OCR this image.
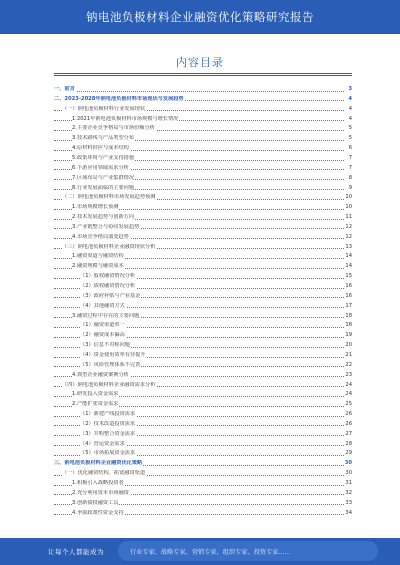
钠电池负极材料企业融资优化策略研究报告
内容目录
一、前言	3
二、2023-2028年钠电池负极材料市场现状与发展趋势	4
（一）钠电池负极材料行业发展现状	4
1.2021年钠电池负极材料市场规模与增长情况	4
2.主要企业竞争格局与市场份额分析	5
3.技术路线与产品类型分布	5
4.原材料供应与成本结构	6
5.政策环境与产业支持措施	7
6.下游应用领域需求分析	7
7.区域布局与产业集群情况	8
8.行业发展面临的主要问题	9
（二）钠电池负极材料市场发展趋势预测	10
1.市场规模增长预测	10
2.技术发展趋势与创新方向	11
3.产业链整合与协同发展趋势	12
4.市场竞争格局演变趋势	12
（三）钠电池负极材料企业融资现状分析	13
1.融资渠道与融资结构	14
2.融资规模与融资成本	14
（1）股权融资情况分析	15
（2）债权融资情况分析	16
（3）政府补贴与产业基金	16
（4）其他融资方式	17
3.融资过程中存在的主要问题	18
（1）融资渠道单一	18
（2）融资成本偏高	19
（3）信息不对称问题	20
（4）资金使用效率有待提升	21
（5）风险管理体系不完善	22
4.典型企业融资案例分析	23
（四）钠电池负极材料企业融资需求分析	24
1.研发投入资金需求	24
2.产能扩张资金需求	25
（1）新建产线投资需求	26
（2）技术改造投资需求	26
（3）并购整合资金需求	27
（4）营运资金需求	28
（5）市场拓展资金需求	29
三、钠电池负极材料企业融资优化策略	30
（一）优化融资结构，拓宽融资渠道	30
1.积极引入战略投资者	31
2.充分利用资本市场融资	32
3.创新债权融资工具	33
4.争取政策性资金支持	34
让每个人都能成为	行业专家、战略专家、营销专家、组织专家、投资专家……
